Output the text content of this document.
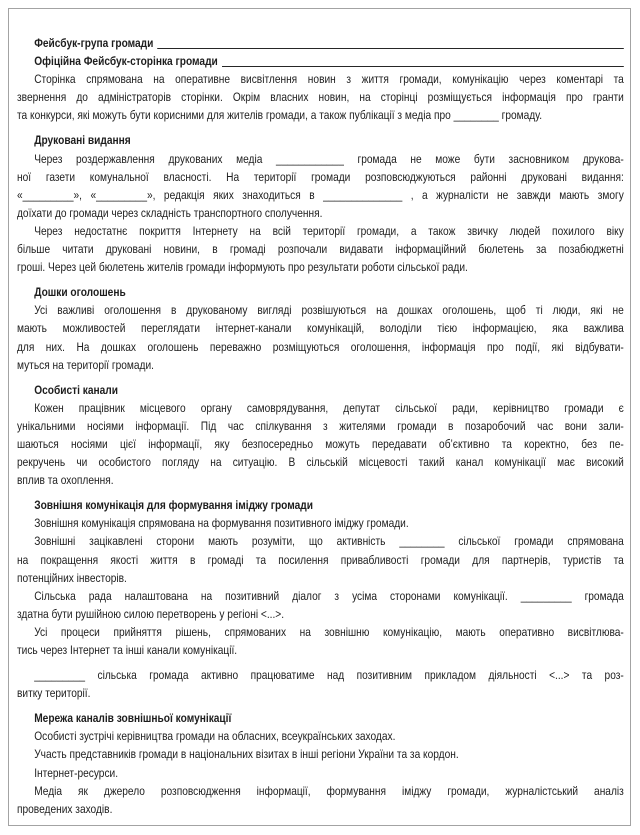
Фейсбук-група громади
Офіційна Фейсбук-сторінка громади
Сторінка спрямована на оперативне висвітлення новин з життя громади, комунікацію через коментарі та
звернення до адміністраторів сторінки. Окрім власних новин, на сторінці розміщується інформація про гранти
та конкурси, які можуть бути корисними для жителів громади, а також публікації з медіа про ________ громаду.
Друковані видання
Через роздержавлення друкованих медіа ____________ громада не може бути засновником друкова-
ної газети комунальної власності. На території громади розповсюджуються районні друковані видання:
«_________», «_________», редакція яких знаходиться в ______________ , а журналісти не завжди мають змогу
доїхати до громади через складність транспортного сполучення.
Через недостатнє покриття Інтернету на всій території громади, а також звичку людей похилого віку
більше читати друковані новини, в громаді розпочали видавати інформаційний бюлетень за позабюджетні
гроші. Через цей бюлетень жителів громади інформують про результати роботи сільської ради.
Дошки оголошень
Усі важливі оголошення в друкованому вигляді розвішуються на дошках оголошень, щоб ті люди, які не
мають можливостей переглядати інтернет-канали комунікацій, володіли тією інформацією, яка важлива
для них. На дошках оголошень переважно розміщуються оголошення, інформація про події, які відбувати-
муться на території громади.
Особисті канали
Кожен працівник місцевого органу самоврядування, депутат сільської ради, керівництво громади є
унікальними носіями інформації. Під час спілкування з жителями громади в позаробочий час вони зали-
шаються носіями цієї інформації, яку безпосередньо можуть передавати об’єктивно та коректно, без пе-
рекручень чи особистого погляду на ситуацію. В сільській місцевості такий канал комунікації має високий
вплив та охоплення.
Зовнішня комунікація для формування іміджу громади
Зовнішня комунікація спрямована на формування позитивного іміджу громади.
Зовнішні зацікавлені сторони мають розуміти, що активність ________ сільської громади спрямована
на покращення якості життя в громаді та посилення привабливості громади для партнерів, туристів та
потенційних інвесторів.
Сільська рада налаштована на позитивний діалог з усіма сторонами комунікації. _________ громада
здатна бути рушійною силою перетворень у регіоні <...>.
Усі процеси прийняття рішень, спрямованих на зовнішню комунікацію, мають оперативно висвітлюва-
тись через Інтернет та інші канали комунікації.
_________ сільська громада активно працюватиме над позитивним прикладом діяльності <...> та роз-
витку території.
Мережа каналів зовнішньої комунікації
Особисті зустрічі керівництва громади на обласних, всеукраїнських заходах.
Участь представників громади в національних візитах в інші регіони України та за кордон.
Інтернет-ресурси.
Медіа як джерело розповсюдження інформації, формування іміджу громади, журналістський аналіз
проведених заходів.
